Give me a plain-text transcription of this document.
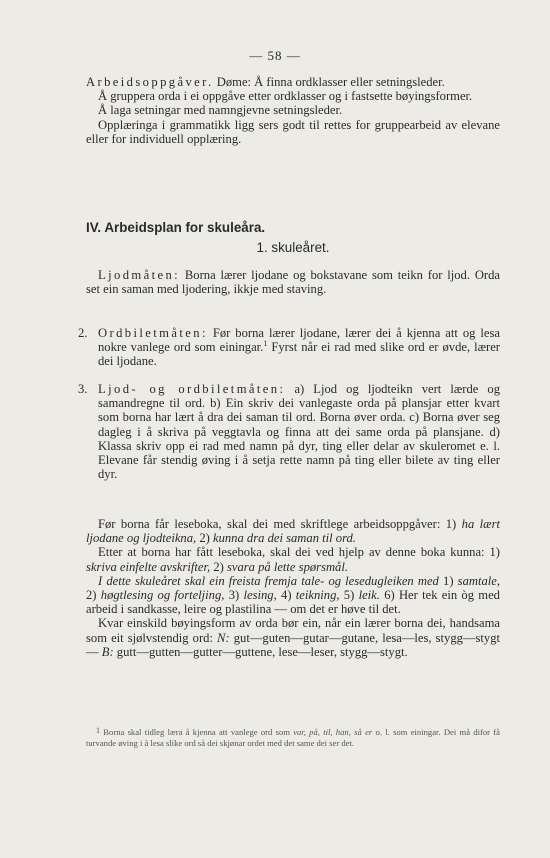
— 58 —

Arbeidsoppgåver. Døme: Å finna ordklasser eller setningsleder.

Å gruppera orda i ei oppgåve etter ordklasser og i fastsette bøyingsformer.

Å laga setningar med namngjevne setningsleder.

Opplæringa i grammatikk ligg sers godt til rettes for gruppearbeid av elevane eller for individuell opplæring.

IV. Arbeidsplan for skuleåra.
1. skuleåret.

Ljodmåten: Borna lærer ljodane og bokstavane som teikn for ljod. Orda set ein saman med ljodering, ikkje med staving.

2. Ordbiletmåten: Før borna lærer ljodane, lærer dei å kjenna att og lesa nokre vanlege ord som einingar.$^1$ Fyrst når ei rad med slike ord er øvde, lærer dei ljodane.

3. Ljod- og ordbiletmåten: a) Ljod og ljodteikn vert lærde og samandregne til ord. b) Ein skriv dei vanlegaste orda på plansjar etter kvart som borna har lært å dra dei saman til ord. Borna øver orda. c) Borna øver seg dagleg i å skriva på veggtavla og finna att dei same orda på plansjane. d) Klassa skriv opp ei rad med namn på dyr, ting eller delar av skuleromet e. l. Elevane får stendig øving i å setja rette namn på ting eller bilete av ting eller dyr.

Før borna får leseboka, skal dei med skriftlege arbeidsoppgåver: 1) ha lært ljodane og ljodteikna, 2) kunna dra dei saman til ord.

Etter at borna har fått leseboka, skal dei ved hjelp av denne boka kunna: 1) skriva einfelte avskrifter, 2) svara på lette spørsmål.

I dette skuleåret skal ein freista fremja tale- og lesedugleiken med 1) samtale, 2) høgtlesing og forteljing, 3) lesing, 4) teikning, 5) leik. 6) Her tek ein òg med arbeid i sandkasse, leire og plastilina — om det er høve til det.

Kvar einskild bøyingsform av orda bør ein, når ein lærer borna dei, handsama som eit sjølvstendig ord: N: gut—guten—gutar—gutane, lesa—les, stygg—stygt — B: gutt—gutten—gutter—guttene, lese—leser, stygg—stygt.

$^1$ Borna skal tidleg læra å kjenna att vanlege ord som var, på, til, han, så er o. l. som einingar. Dei må difor få turvande øving i å lesa slike ord så dei skjønar ordet med det same dei ser det.
